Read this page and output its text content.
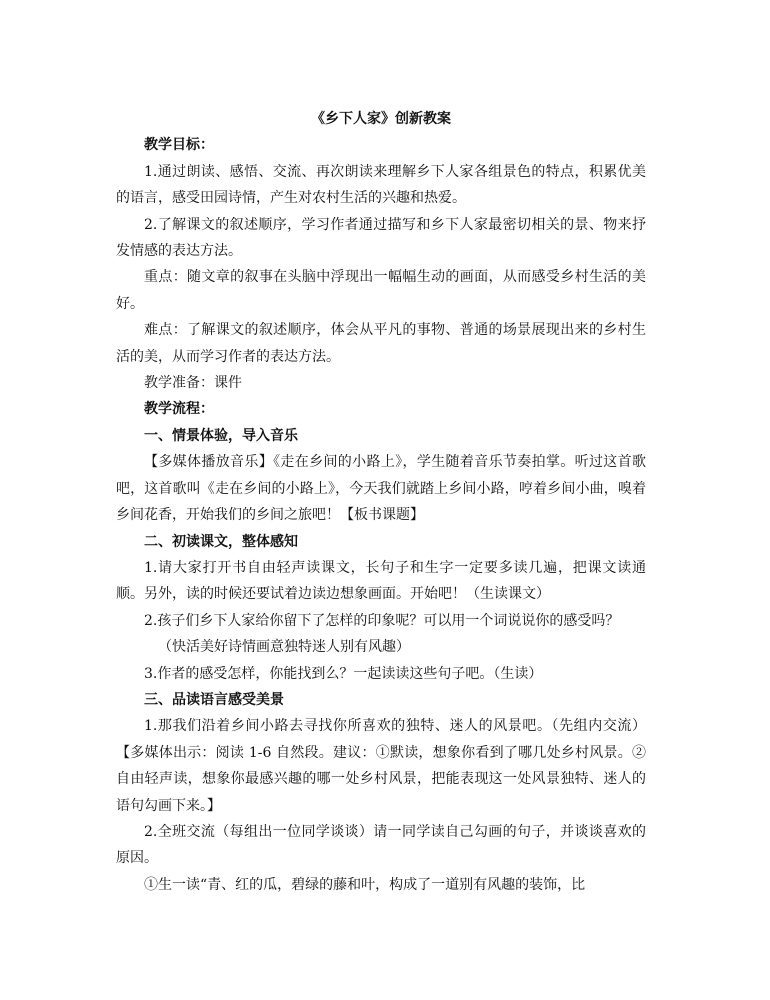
《乡下人家》创新教案

教学目标：

1.通过朗读、感悟、交流、再次朗读来理解乡下人家各组景色的特点，积累优美的语言，感受田园诗情，产生对农村生活的兴趣和热爱。

2.了解课文的叙述顺序，学习作者通过描写和乡下人家最密切相关的景、物来抒发情感的表达方法。

重点：随文章的叙事在头脑中浮现出一幅幅生动的画面，从而感受乡村生活的美好。

难点：了解课文的叙述顺序，体会从平凡的事物、普通的场景展现出来的乡村生活的美，从而学习作者的表达方法。

教学准备：课件

教学流程：

一、情景体验，导入音乐

【多媒体播放音乐】《走在乡间的小路上》，学生随着音乐节奏拍掌。听过这首歌吧，这首歌叫《走在乡间的小路上》，今天我们就踏上乡间小路，哼着乡间小曲，嗅着乡间花香，开始我们的乡间之旅吧！【板书课题】

二、初读课文，整体感知

1.请大家打开书自由轻声读课文，长句子和生字一定要多读几遍，把课文读通顺。另外，读的时候还要试着边读边想象画面。开始吧！（生读课文）

2.孩子们乡下人家给你留下了怎样的印象呢？可以用一个词说说你的感受吗？

（快活美好诗情画意独特迷人别有风趣）

3.作者的感受怎样，你能找到么？一起读读这些句子吧。（生读）

三、品读语言感受美景

1.那我们沿着乡间小路去寻找你所喜欢的独特、迷人的风景吧。（先组内交流）【多媒体出示：阅读 1-6 自然段。建议：①默读，想象你看到了哪几处乡村风景。②自由轻声读，想象你最感兴趣的哪一处乡村风景，把能表现这一处风景独特、迷人的语句勾画下来。】

2.全班交流（每组出一位同学谈谈）请一同学读自己勾画的句子，并谈谈喜欢的原因。

①生一读“青、红的瓜，碧绿的藤和叶，构成了一道别有风趣的装饰，比
